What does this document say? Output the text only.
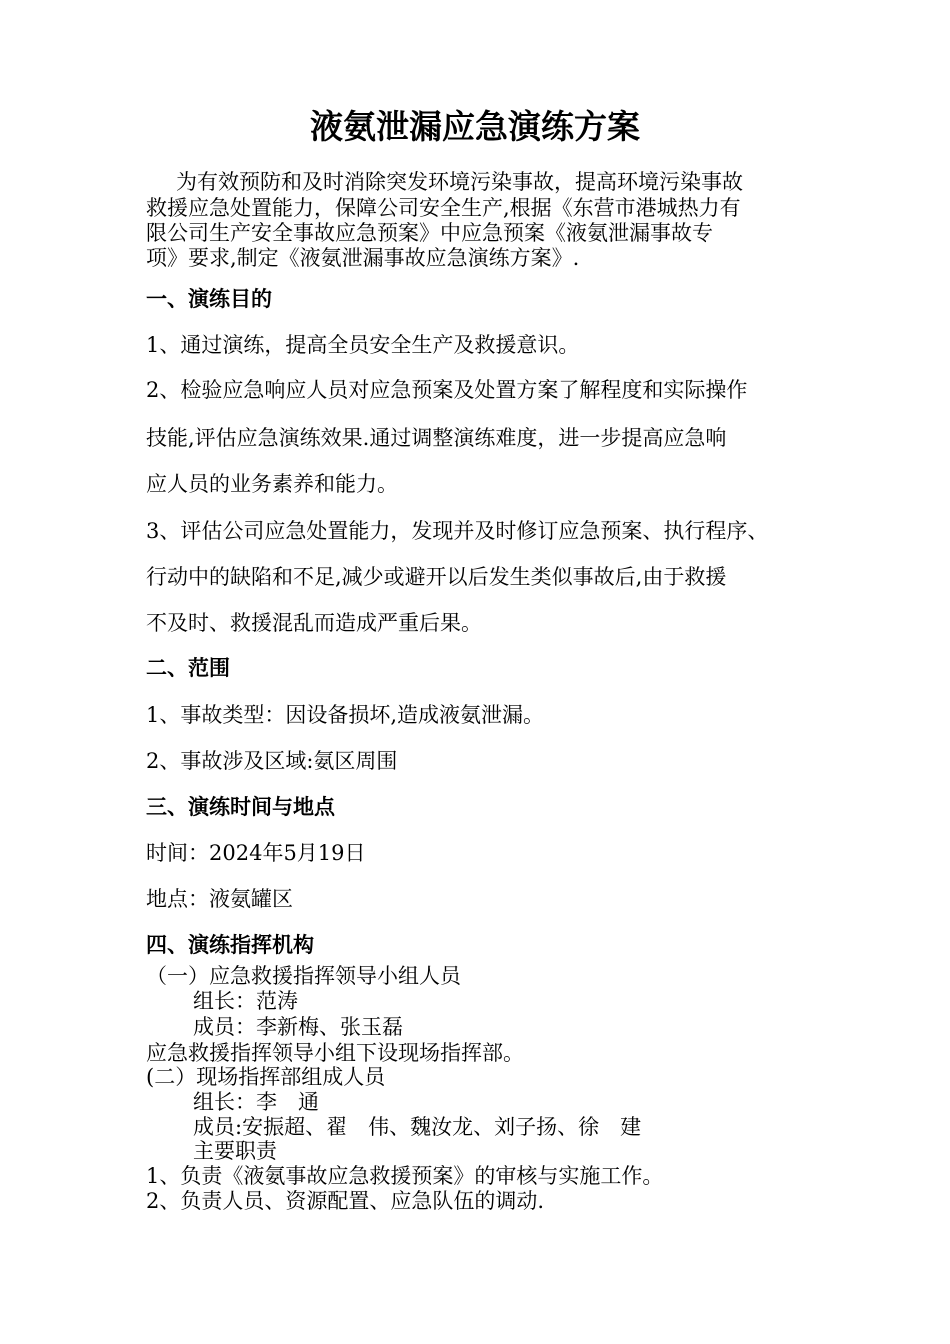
液氨泄漏应急演练方案
为有效预防和及时消除突发环境污染事故，提高环境污染事故
救援应急处置能力，保障公司安全生产,根据《东营市港城热力有
限公司生产安全事故应急预案》中应急预案《液氨泄漏事故专
项》要求,制定《液氨泄漏事故应急演练方案》.
一、演练目的
1、通过演练，提高全员安全生产及救援意识。
2、检验应急响应人员对应急预案及处置方案了解程度和实际操作
技能,评估应急演练效果.通过调整演练难度，进一步提高应急响
应人员的业务素养和能力。
3、评估公司应急处置能力，发现并及时修订应急预案、执行程序、
行动中的缺陷和不足,减少或避开以后发生类似事故后,由于救援
不及时、救援混乱而造成严重后果。
二、范围
1、事故类型：因设备损坏,造成液氨泄漏。
2、事故涉及区域:氨区周围
三、演练时间与地点
时间：2024年5月19日
地点：液氨罐区
四、演练指挥机构
（一）应急救援指挥领导小组人员
组长：范涛
成员：李新梅、张玉磊
应急救援指挥领导小组下设现场指挥部。
(二）现场指挥部组成人员
组长：李　通
成员:安振超、翟　伟、魏汝龙、刘子扬、徐　建
主要职责
1、负责《液氨事故应急救援预案》的审核与实施工作。
2、负责人员、资源配置、应急队伍的调动.
